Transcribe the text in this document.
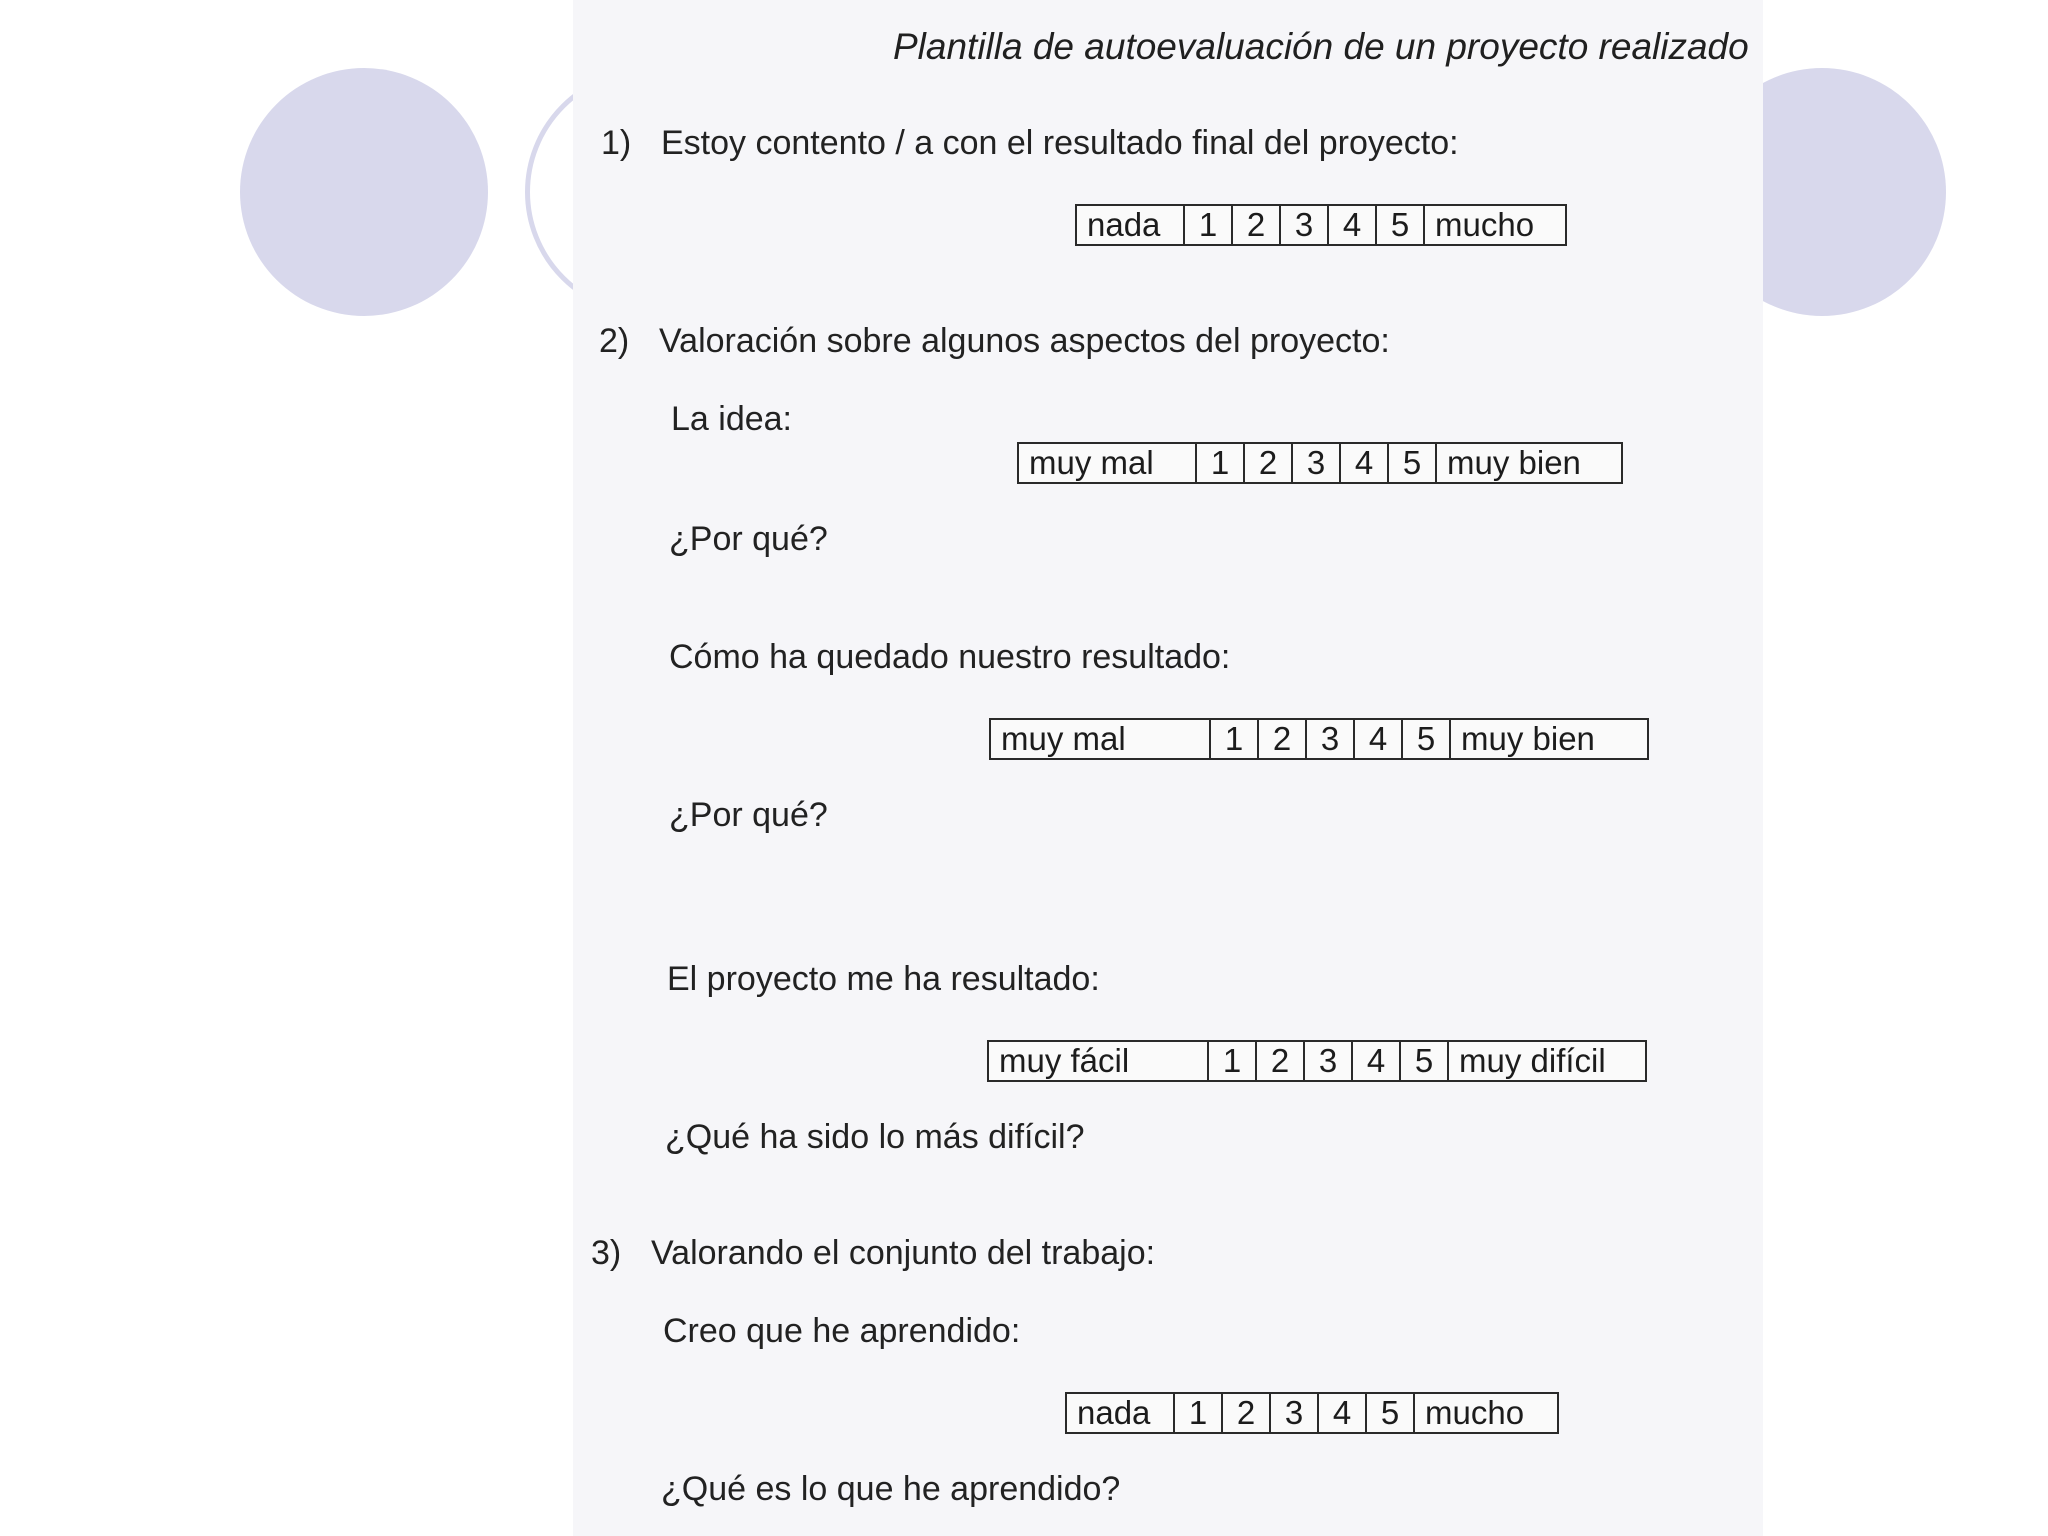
Plantilla de autoevaluación de un proyecto realizado
1) Estoy contento / a con el resultado final del proyecto:
nada	1 2 3 4 5 mucho
2) Valoración sobre algunos aspectos del proyecto:
La idea:
muy mal	1 2 3 4 5 muy bien
¿Por qué?
Cómo ha quedado nuestro resultado:
muy mal	1 2 3 4 5 muy bien
¿Por qué?
El proyecto me ha resultado:
muy fácil	1 2 3 4 5 muy difícil
¿Qué ha sido lo más difícil?
3) Valorando el conjunto del trabajo:
Creo que he aprendido:
nada	1 2 3 4 5 mucho
¿Qué es lo que he aprendido?
